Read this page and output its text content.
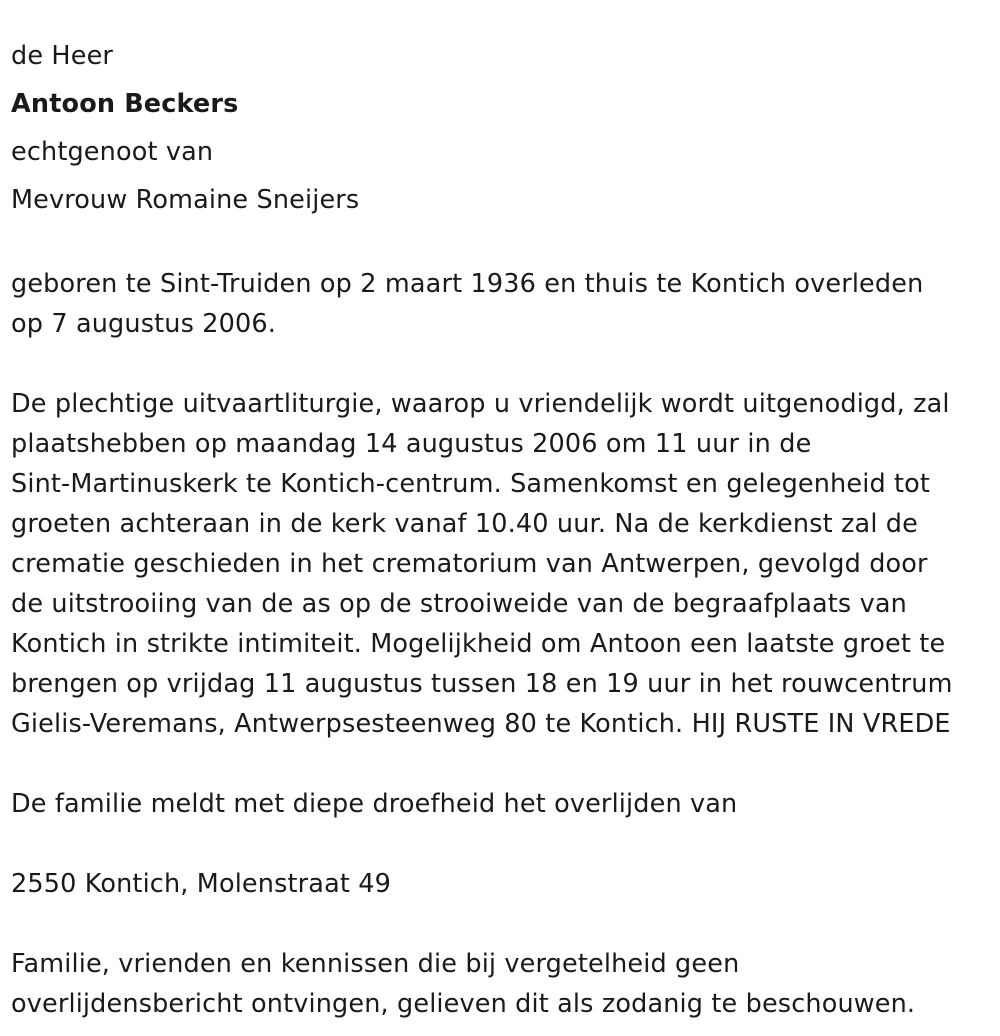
de Heer
Antoon Beckers
echtgenoot van
Mevrouw Romaine Sneijers
geboren te Sint-Truiden op 2 maart 1936 en thuis te Kontich overleden
op 7 augustus 2006.
De plechtige uitvaartliturgie, waarop u vriendelijk wordt uitgenodigd, zal
plaatshebben op maandag 14 augustus 2006 om 11 uur in de
Sint-Martinuskerk te Kontich-centrum. Samenkomst en gelegenheid tot
groeten achteraan in de kerk vanaf 10.40 uur. Na de kerkdienst zal de
crematie geschieden in het crematorium van Antwerpen, gevolgd door
de uitstrooiing van de as op de strooiweide van de begraafplaats van
Kontich in strikte intimiteit. Mogelijkheid om Antoon een laatste groet te
brengen op vrijdag 11 augustus tussen 18 en 19 uur in het rouwcentrum
Gielis-Veremans, Antwerpsesteenweg 80 te Kontich. HIJ RUSTE IN VREDE
De familie meldt met diepe droefheid het overlijden van
2550 Kontich, Molenstraat 49
Familie, vrienden en kennissen die bij vergetelheid geen
overlijdensbericht ontvingen, gelieven dit als zodanig te beschouwen.
